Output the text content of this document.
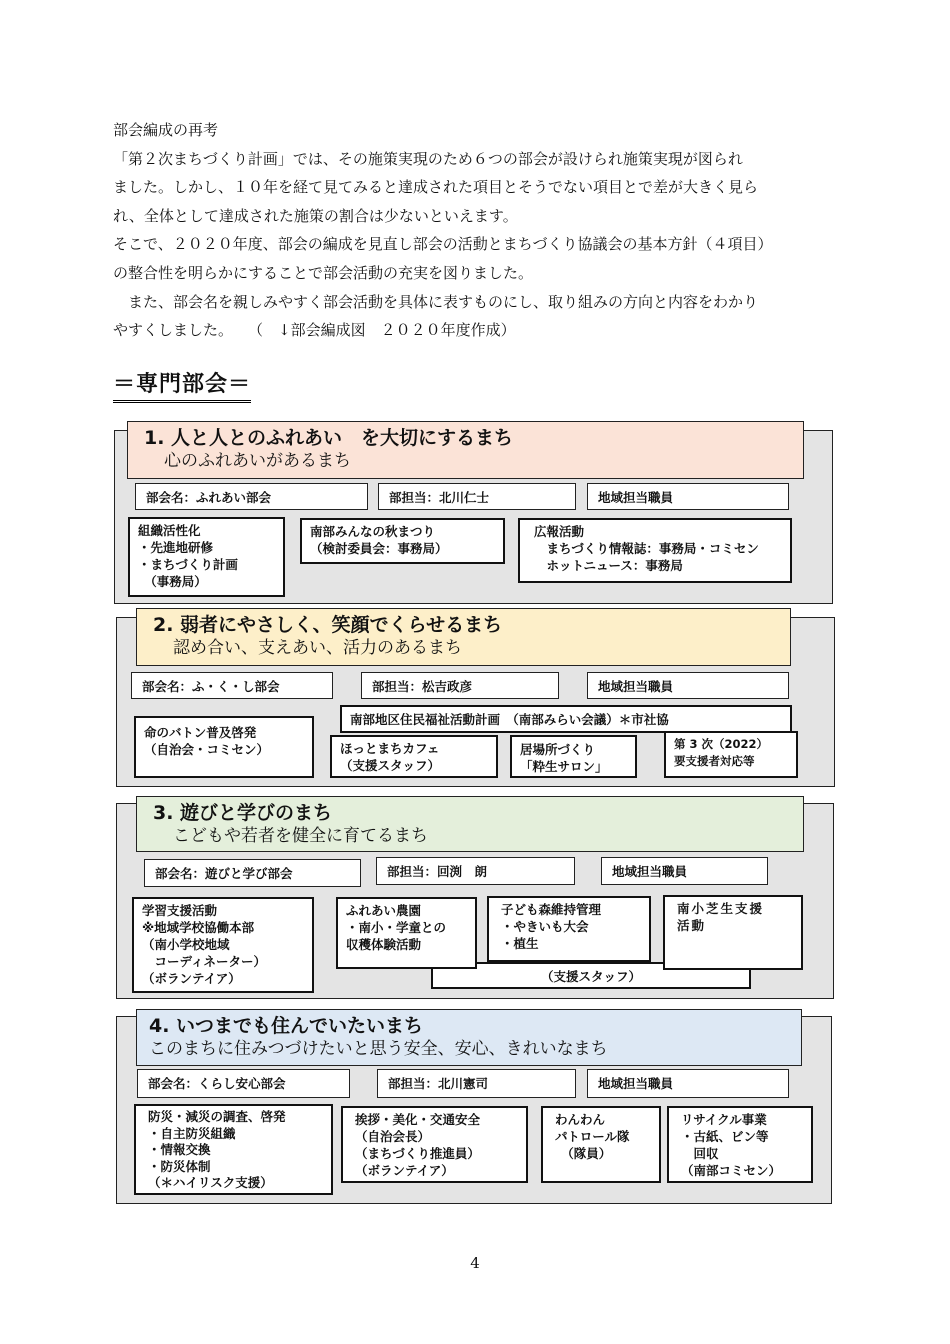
部会編成の再考

「第２次まちづくり計画」では、その施策実現のため６つの部会が設けられ施策実現が図られ

ました。しかし、１０年を経て見てみると達成された項目とそうでない項目とで差が大きく見ら

れ、全体として達成された施策の割合は少ないといえます。

そこで、２０２０年度、部会の編成を見直し部会の活動とまちづくり協議会の基本方針（４項目）

の整合性を明らかにすることで部会活動の充実を図りました。

　また、部会名を親しみやすく部会活動を具体に表すものにし、取り組みの方向と内容をわかり

やすくしました。　　（　↓部会編成図　２０２０年度作成）

＝専門部会＝
1. 人と人とのふれあい　を大切にするまち
心のふれあいがあるまち
部会名：ふれあい部会	部担当：北川仁士	地域担当職員
組織活性化
・先進地研修
・まちづくり計画
　（事務局）
南部みんなの秋まつり
（検討委員会：事務局）
広報活動
　まちづくり情報誌：事務局・コミセン
　ホットニュース：事務局
2. 弱者にやさしく、笑顔でくらせるまち
認め合い、支えあい、活力のあるまち
部会名：ふ・く・し部会	部担当：松吉政彦	地域担当職員
命のバトン普及啓発
（自治会・コミセン）	ほっとまちカフェ
（支援スタッフ）
居場所づくり
「粋生サロン」
第 3 次（2022）
要支援者対応等
南部地区住民福祉活動計画　（南部みらい会議）＊市社協
3. 遊びと学びのまち
こどもや若者を健全に育てるまち
部会名：遊びと学び部会	部担当：回渕　朗	地域担当職員
学習支援活動
※地域学校協働本部
（南小学校地域
　コーディネーター）
（ボランテイア）	（支援スタッフ）
ふれあい農園
・南小・学童との
収穫体験活動
子ども森維持管理
・やきいも大会
・植生
南小芝生支援
活動
4. いつまでも住んでいたいまち
このまちに住みつづけたいと思う安全、安心、きれいなまち
部会名：くらし安心部会	部担当：北川憲司	地域担当職員
防災・減災の調査、啓発
・自主防災組織
・情報交換
・防災体制
（＊ハイリスク支援）
挨拶・美化・交通安全
（自治会長）
（まちづくり推進員）
（ボランテイア）
わんわん
パトロール隊
　（隊員）
リサイクル事業
・古紙、ビン等
　回収
（南部コミセン）
4
